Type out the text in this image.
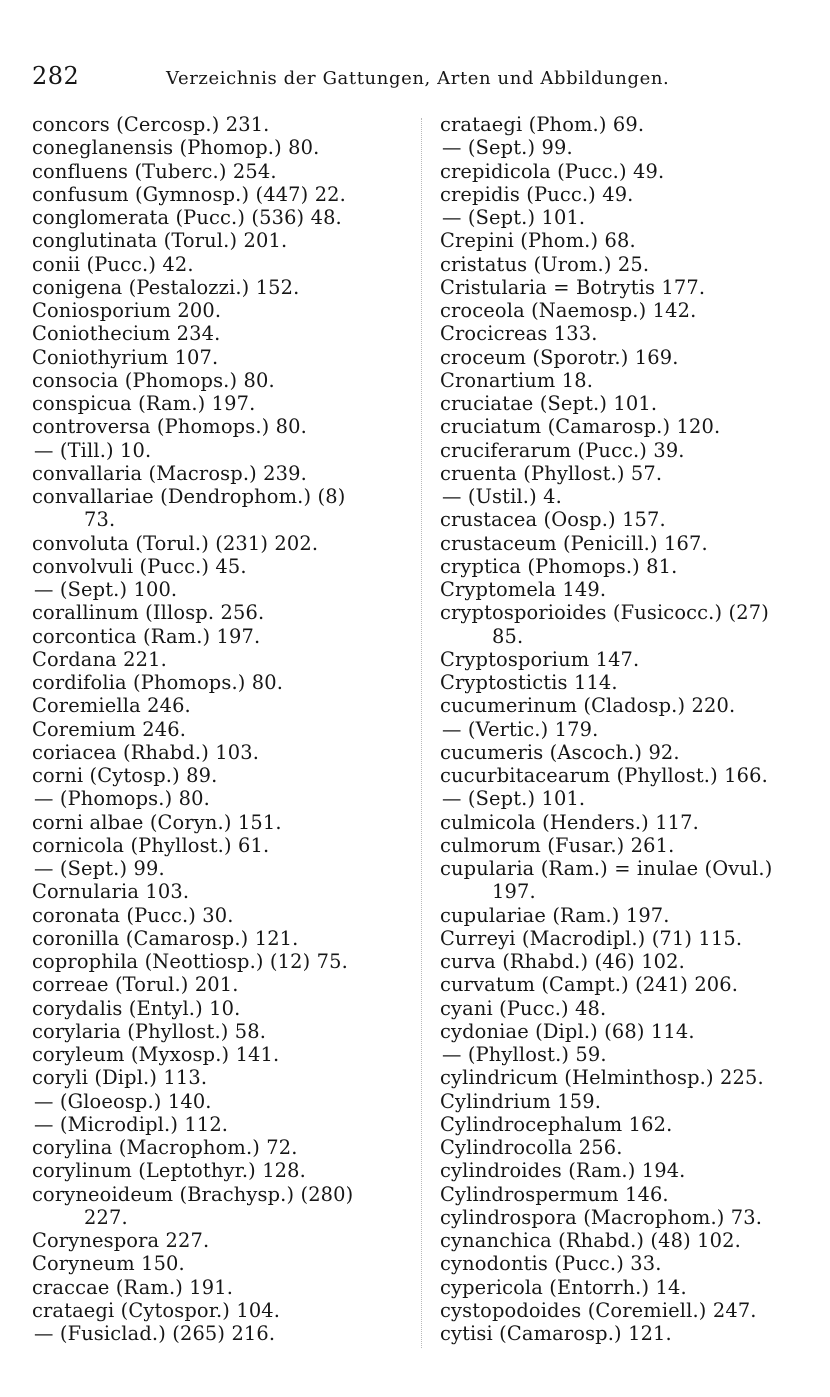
282	Verzeichnis der Gattungen, Arten und Abbildungen.
concors (Cercosp.) 231.
coneglanensis (Phomop.) 80.
confluens (Tuberc.) 254.
confusum (Gymnosp.) (447) 22.
conglomerata (Pucc.) (536) 48.
conglutinata (Torul.) 201.
conii (Pucc.) 42.
conigena (Pestalozzi.) 152.
Coniosporium 200.
Coniothecium 234.
Coniothyrium 107.
consocia (Phomops.) 80.
conspicua (Ram.) 197.
controversa (Phomops.) 80.
— (Till.) 10.
convallaria (Macrosp.) 239.
convallariae (Dendrophom.) (8)
73.
convoluta (Torul.) (231) 202.
convolvuli (Pucc.) 45.
— (Sept.) 100.
corallinum (Illosp. 256.
corcontica (Ram.) 197.
Cordana 221.
cordifolia (Phomops.) 80.
Coremiella 246.
Coremium 246.
coriacea (Rhabd.) 103.
corni (Cytosp.) 89.
— (Phomops.) 80.
corni albae (Coryn.) 151.
cornicola (Phyllost.) 61.
— (Sept.) 99.
Cornularia 103.
coronata (Pucc.) 30.
coronilla (Camarosp.) 121.
coprophila (Neottiosp.) (12) 75.
correae (Torul.) 201.
corydalis (Entyl.) 10.
corylaria (Phyllost.) 58.
coryleum (Myxosp.) 141.
coryli (Dipl.) 113.
— (Gloeosp.) 140.
— (Microdipl.) 112.
corylina (Macrophom.) 72.
corylinum (Leptothyr.) 128.
coryneoideum (Brachysp.) (280)
227.
Corynespora 227.
Coryneum 150.
craccae (Ram.) 191.
crataegi (Cytospor.) 104.
— (Fusiclad.) (265) 216.
crataegi (Phom.) 69.
— (Sept.) 99.
crepidicola (Pucc.) 49.
crepidis (Pucc.) 49.
— (Sept.) 101.
Crepini (Phom.) 68.
cristatus (Urom.) 25.
Cristularia = Botrytis 177.
croceola (Naemosp.) 142.
Crocicreas 133.
croceum (Sporotr.) 169.
Cronartium 18.
cruciatae (Sept.) 101.
cruciatum (Camarosp.) 120.
cruciferarum (Pucc.) 39.
cruenta (Phyllost.) 57.
— (Ustil.) 4.
crustacea (Oosp.) 157.
crustaceum (Penicill.) 167.
cryptica (Phomops.) 81.
Cryptomela 149.
cryptosporioides (Fusicocc.) (27)
85.
Cryptosporium 147.
Cryptostictis 114.
cucumerinum (Cladosp.) 220.
— (Vertic.) 179.
cucumeris (Ascoch.) 92.
cucurbitacearum (Phyllost.) 166.
— (Sept.) 101.
culmicola (Henders.) 117.
culmorum (Fusar.) 261.
cupularia (Ram.) = inulae (Ovul.)
197.
cupulariae (Ram.) 197.
Curreyi (Macrodipl.) (71) 115.
curva (Rhabd.) (46) 102.
curvatum (Campt.) (241) 206.
cyani (Pucc.) 48.
cydoniae (Dipl.) (68) 114.
— (Phyllost.) 59.
cylindricum (Helminthosp.) 225.
Cylindrium 159.
Cylindrocephalum 162.
Cylindrocolla 256.
cylindroides (Ram.) 194.
Cylindrospermum 146.
cylindrospora (Macrophom.) 73.
cynanchica (Rhabd.) (48) 102.
cynodontis (Pucc.) 33.
cypericola (Entorrh.) 14.
cystopodoides (Coremiell.) 247.
cytisi (Camarosp.) 121.
